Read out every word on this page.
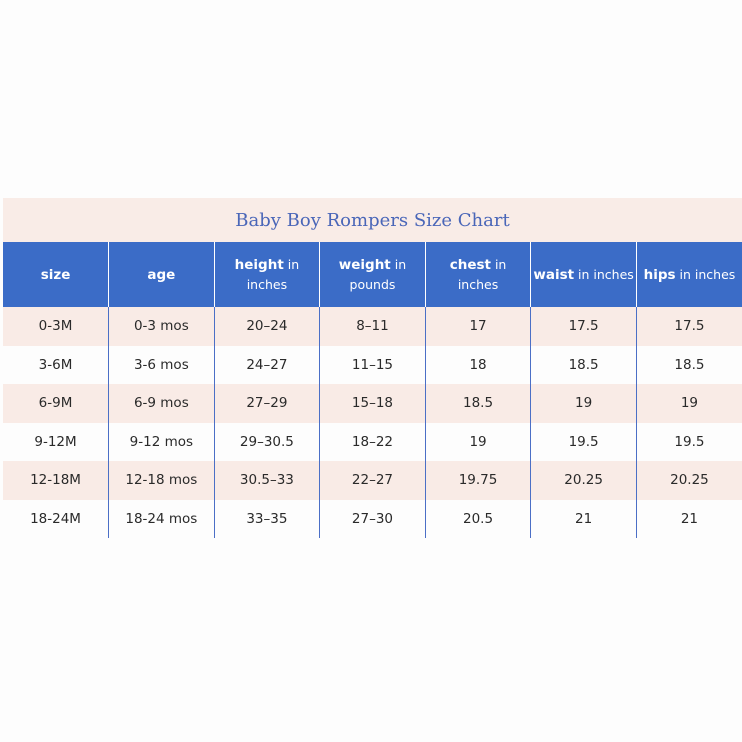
Baby Boy Rompers Size Chart
size	age	height in inches	weight in pounds	chest in inches	waist in inches	hips in inches
0-3M	0-3 mos	20–24	8–11	17	17.5	17.5
3-6M	3-6 mos	24–27	11–15	18	18.5	18.5
6-9M	6-9 mos	27–29	15–18	18.5	19	19
9-12M	9-12 mos	29–30.5	18–22	19	19.5	19.5
12-18M	12-18 mos	30.5–33	22–27	19.75	20.25	20.25
18-24M	18-24 mos	33–35	27–30	20.5	21	21
